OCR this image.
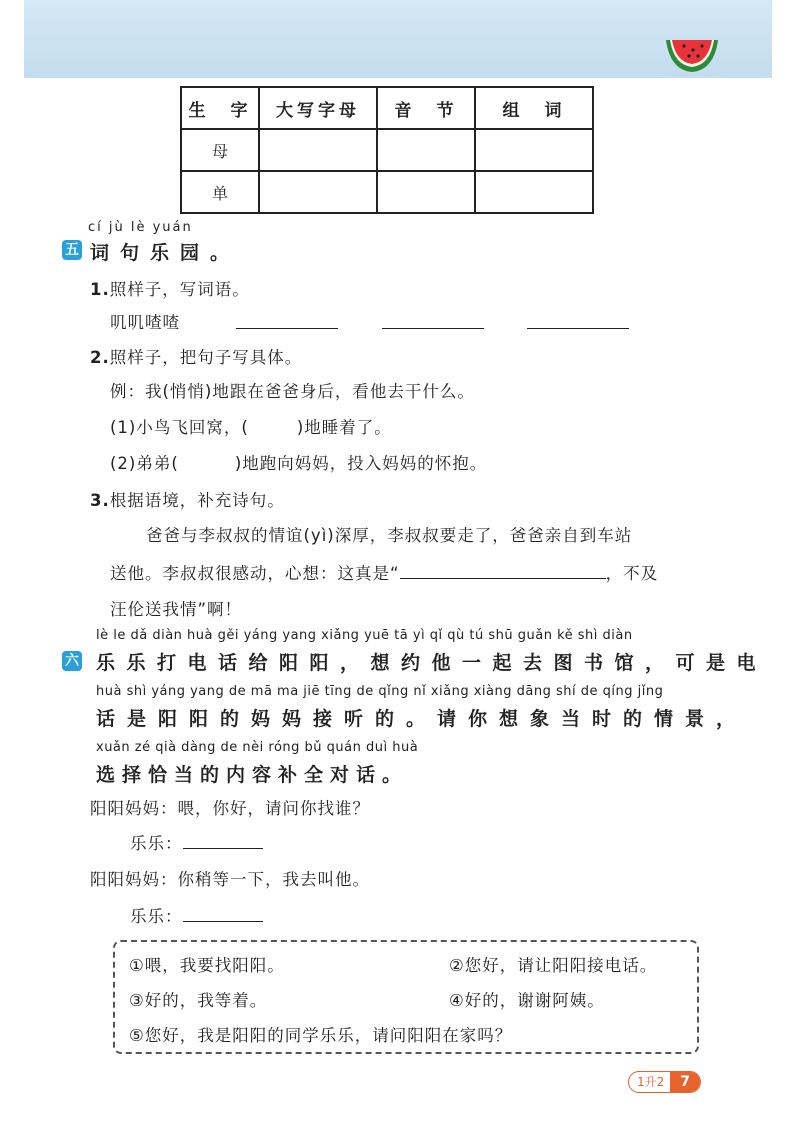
生　字	大写字母	音　节	组　词
母			
单			
cí jù lè yuán
五 词句乐园。
1.照样子，写词语。
叽叽喳喳
2.照样子，把句子写具体。
例：我(悄悄)地跟在爸爸身后，看他去干什么。
(1)小鸟飞回窝，(	)地睡着了。
(2)弟弟(	)地跑向妈妈，投入妈妈的怀抱。
3.根据语境，补充诗句。
爸爸与李叔叔的情谊(yì)深厚，李叔叔要走了，爸爸亲自到车站
送他。李叔叔很感动，心想：这真是“	，不及
汪伦送我情”啊！
lè le dǎ diàn huà gěi yáng yang xiǎng yuē tā yì qǐ qù tú shū guǎn kě shì diàn
六 乐乐打电话给阳阳，想约他一起去图书馆，可是电
huà shì yáng yang de mā ma jiē tīng de qǐng nǐ xiǎng xiàng dāng shí de qíng jǐng
话是阳阳的妈妈接听的。请你想象当时的情景，
xuǎn zé qià dàng de nèi róng bǔ quán duì huà
选择恰当的内容补全对话。
阳阳妈妈：喂，你好，请问你找谁？
乐乐：
阳阳妈妈：你稍等一下，我去叫他。
乐乐：
①喂，我要找阳阳。	②您好，请让阳阳接电话。
③好的，我等着。	④好的，谢谢阿姨。
⑤您好，我是阳阳的同学乐乐，请问阳阳在家吗？
1升2	7
